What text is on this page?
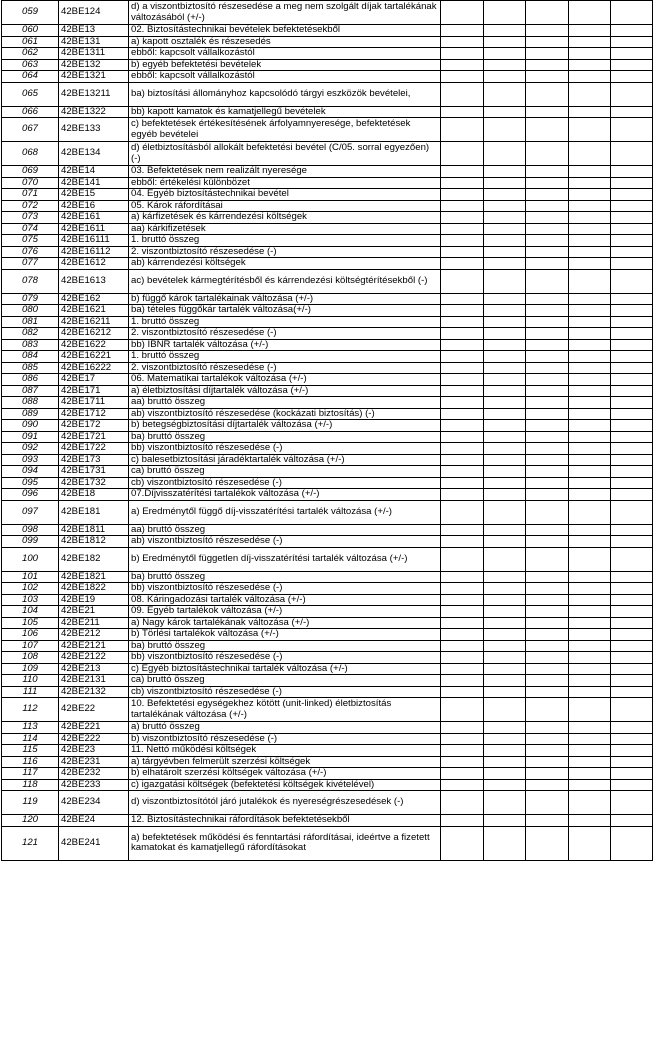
059	42BE124	d) a viszontbiztosító részesedése a meg nem szolgált díjak tartalékának változásából (+/-)					
060	42BE13	02. Biztosítástechnikai bevételek befektetésekből					
061	42BE131	a) kapott osztalék és részesedés					
062	42BE1311	ebből: kapcsolt vállalkozástól					
063	42BE132	b) egyéb befektetési bevételek					
064	42BE1321	ebből: kapcsolt vállalkozástól					
065	42BE13211	ba) biztosítási állományhoz kapcsolódó tárgyi eszközök bevételei,					
066	42BE1322	bb) kapott kamatok és kamatjellegű bevételek					
067	42BE133	c) befektetések értékesítésének árfolyamnyeresége, befektetések egyéb bevételei					
068	42BE134	d) életbiztosításból allokált befektetési bevétel (C/05. sorral egyezően) (-)					
069	42BE14	03. Befektetések nem realizált nyeresége					
070	42BE141	ebből: értékelési különbözet					
071	42BE15	04. Egyéb biztosítástechnikai bevétel					
072	42BE16	05. Károk ráfordításai					
073	42BE161	a) kárfizetések és kárrendezési költségek					
074	42BE1611	aa) kárkifizetések					
075	42BE16111	1. bruttó összeg					
076	42BE16112	2. viszontbiztosító részesedése (-)					
077	42BE1612	ab) kárrendezési költségek					
078	42BE1613	ac) bevételek kármegtérítésből és kárrendezési költségtérítésekből (-)					
079	42BE162	b) függő károk tartalékainak változása (+/-)					
080	42BE1621	ba) tételes függőkár tartalék változása(+/-)					
081	42BE16211	1. bruttó összeg					
082	42BE16212	2. viszontbiztosító részesedése (-)					
083	42BE1622	bb) IBNR tartalék változása (+/-)					
084	42BE16221	1. bruttó összeg					
085	42BE16222	2. viszontbiztosító részesedése (-)					
086	42BE17	06. Matematikai tartalékok változása (+/-)					
087	42BE171	a) életbiztosítási díjtartalék változása (+/-)					
088	42BE1711	aa) bruttó összeg					
089	42BE1712	ab) viszontbiztosító részesedése (kockázati biztosítás) (-)					
090	42BE172	b) betegségbiztosítási díjtartalék változása (+/-)					
091	42BE1721	ba) bruttó összeg					
092	42BE1722	bb) viszontbiztosító részesedése (-)					
093	42BE173	c) balesetbiztosítási járadéktartalék változása (+/-)					
094	42BE1731	ca) bruttó összeg					
095	42BE1732	cb) viszontbiztosító részesedése (-)					
096	42BE18	07.Díjvisszatérítési tartalékok változása (+/-)					
097	42BE181	a) Eredménytől függő díj-visszatérítési tartalék változása (+/-)					
098	42BE1811	aa) bruttó összeg					
099	42BE1812	ab) viszontbiztosító részesedése (-)					
100	42BE182	b) Eredménytől független díj-visszatérítési tartalék változása (+/-)					
101	42BE1821	ba) bruttó összeg					
102	42BE1822	bb) viszontbiztosító részesedése (-)					
103	42BE19	08. Káringadozási tartalék változása (+/-)					
104	42BE21	09. Egyéb tartalékok változása (+/-)					
105	42BE211	a) Nagy károk tartalékának változása (+/-)					
106	42BE212	b) Törlési tartalékok változása (+/-)					
107	42BE2121	ba) bruttó összeg					
108	42BE2122	bb) viszontbiztosító részesedése (-)					
109	42BE213	c) Egyéb biztosítástechnikai tartalék változása (+/-)					
110	42BE2131	ca) bruttó összeg					
111	42BE2132	cb) viszontbiztosító részesedése (-)					
112	42BE22	10. Befektetési egységekhez kötött (unit-linked) életbiztosítás tartalékának változása (+/-)					
113	42BE221	a) bruttó összeg					
114	42BE222	b) viszontbiztosító részesedése (-)					
115	42BE23	11. Nettó működési költségek					
116	42BE231	a) tárgyévben felmerült szerzési költségek					
117	42BE232	b) elhatárolt szerzési költségek változása (+/-)					
118	42BE233	c) igazgatási költségek (befektetési költségek kivételével)					
119	42BE234	d) viszontbiztosítótól járó jutalékok és nyereségrészesedések (-)					
120	42BE24	12. Biztosítástechnikai ráfordítások befektetésekből					
121	42BE241	a) befektetések működési és fenntartási ráfordításai, ideértve a fizetett kamatokat és kamatjellegű ráfordításokat					
